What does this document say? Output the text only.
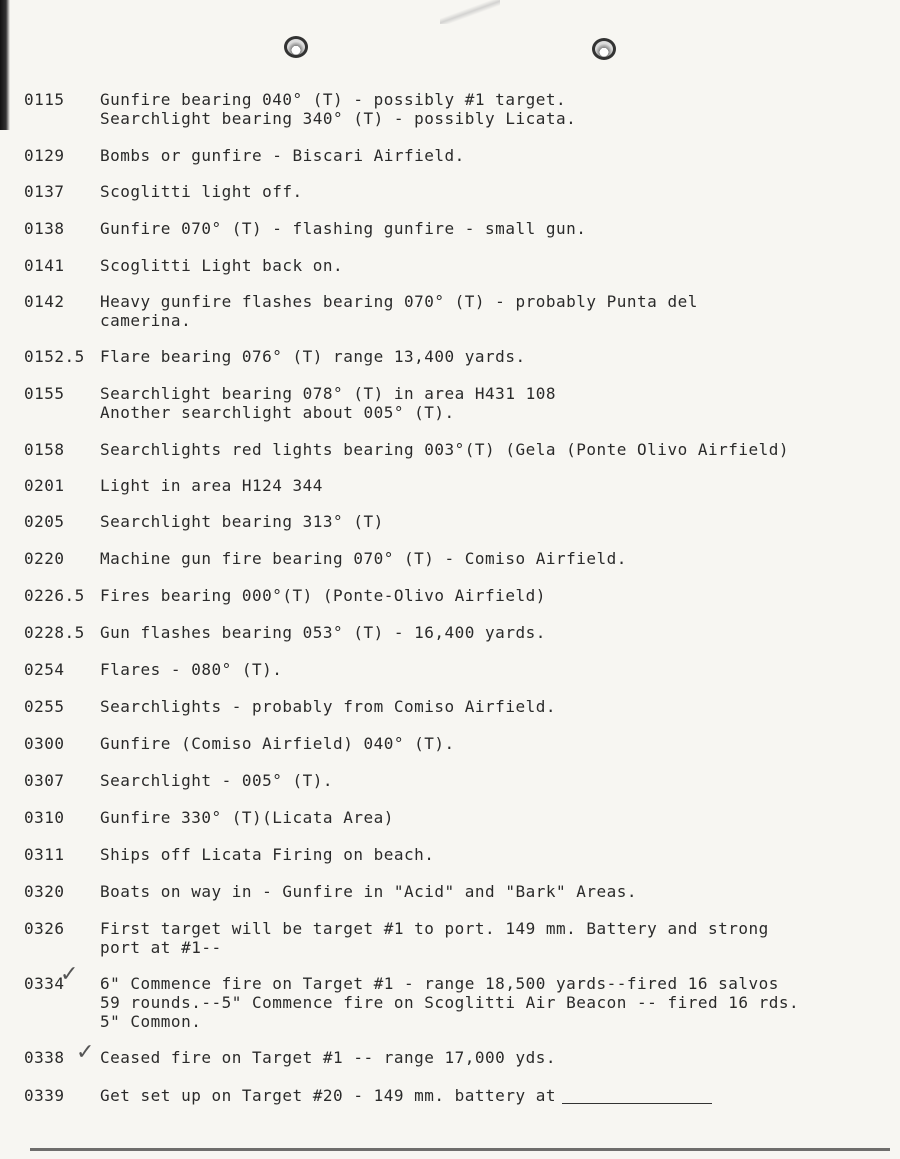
0115	Gunfire bearing 040° (T) - possibly #1 target.
Searchlight bearing 340° (T) - possibly Licata.
0129	Bombs or gunfire - Biscari Airfield.
0137	Scoglitti light off.
0138	Gunfire 070° (T) - flashing gunfire - small gun.
0141	Scoglitti Light back on.
0142	Heavy gunfire flashes bearing 070° (T) - probably Punta del
camerina.
0152.5 Flare bearing 076° (T) range 13,400 yards.
0155	Searchlight bearing 078° (T) in area H431 108
Another searchlight about 005° (T).
0158	Searchlights red lights bearing 003°(T) (Gela (Ponte Olivo Airfield)
0201	Light in area H124 344
0205	Searchlight bearing 313° (T)
0220	Machine gun fire bearing 070° (T) - Comiso Airfield.
0226.5 Fires bearing 000°(T) (Ponte-Olivo Airfield)
0228.5 Gun flashes bearing 053° (T) - 16,400 yards.
0254	Flares - 080° (T).
0255	Searchlights - probably from Comiso Airfield.
0300	Gunfire (Comiso Airfield) 040° (T).
0307	Searchlight - 005° (T).
0310	Gunfire 330° (T)(Licata Area)
0311	Ships off Licata Firing on beach.
0320	Boats on way in - Gunfire in "Acid" and "Bark" Areas.
0326	First target will be target #1 to port. 149 mm. Battery and strong
port at #1--
0334	6" Commence fire on Target #1 - range 18,500 yards--fired 16 salvos
59 rounds.--5" Commence fire on Scoglitti Air Beacon -- fired 16 rds.
5" Common.
0338	Ceased fire on Target #1 -- range 17,000 yds.
0339	Get set up on Target #20 - 149 mm. battery at
✓
✓
